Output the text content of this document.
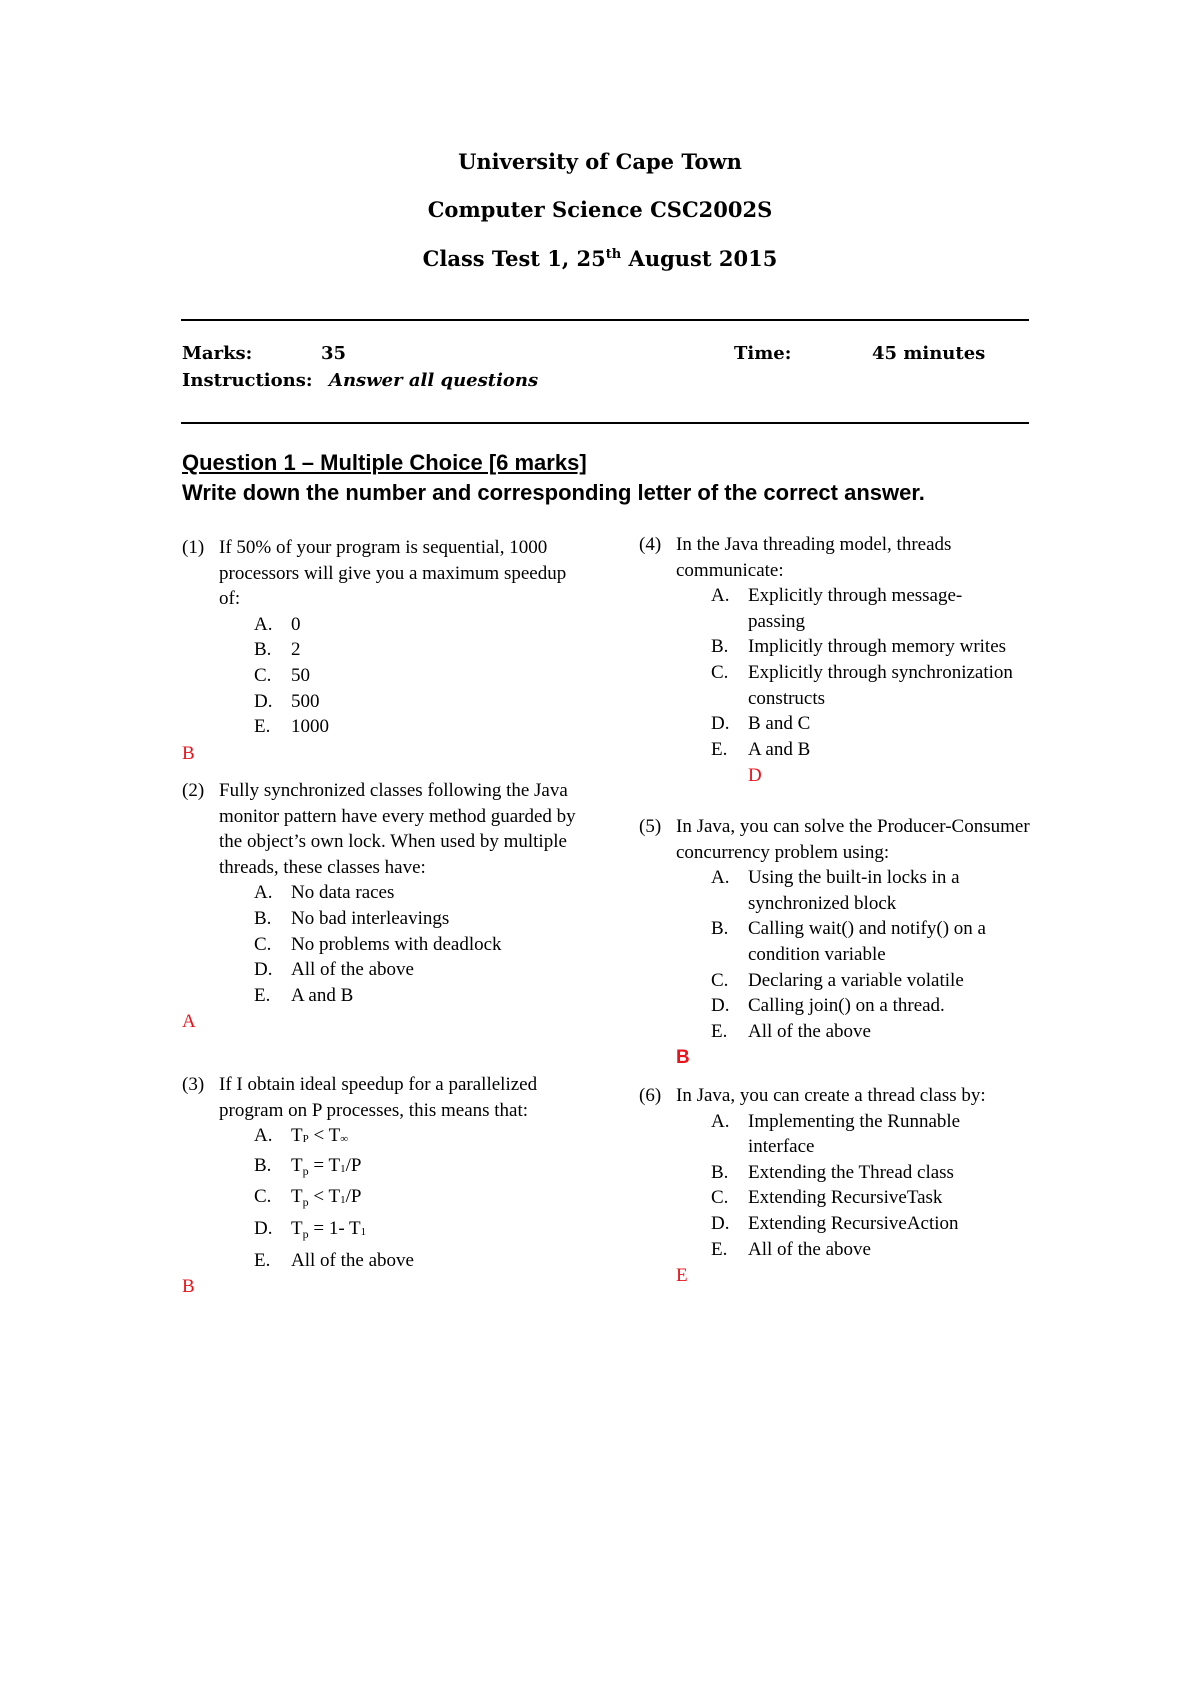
University of Cape Town
Computer Science CSC2002S
Class Test 1, 25th August 2015
Marks:	35	Time:	45 minutes
Instructions: Answer all questions
Question 1 – Multiple Choice [6 marks]
Write down the number and corresponding letter of the correct answer.
(1) If 50% of your program is sequential, 1000 processors will give you a maximum speedup of:
A. 0
B.	2
C.	50
D. 500
E.	1000
B
(2) Fully synchronized classes following the Java monitor pattern have every method guarded by the object’s own lock. When used by multiple threads, these classes have:
A. No data races
B.	No bad interleavings
C.	No problems with deadlock
D. All of the above
E.	A and B
A
(3) If I obtain ideal speedup for a parallelized program on P processes, this means that:
A. TP < T∞
B.	$T_p = T1/P$
C.	$T_p < T1/P$
D. $T_p = 1-$ T1
E.	All of the above
B
(4) In the Java threading model, threads communicate:
A. Explicitly through message-passing
B.	Implicitly through memory writes
C.	Explicitly through synchronization constructs
D. B and C
E.	A and B
D
(5) In Java, you can solve the Producer-Consumer concurrency problem using:
A. Using the built-in locks in a synchronized block
B.	Calling wait() and notify() on a condition variable
C.	Declaring a variable volatile
D. Calling join() on a thread.
E.	All of the above
B
(6) In Java, you can create a thread class by:
A. Implementing the Runnable interface
B.	Extending the Thread class
C.	Extending RecursiveTask
D. Extending RecursiveAction
E.	All of the above
E
